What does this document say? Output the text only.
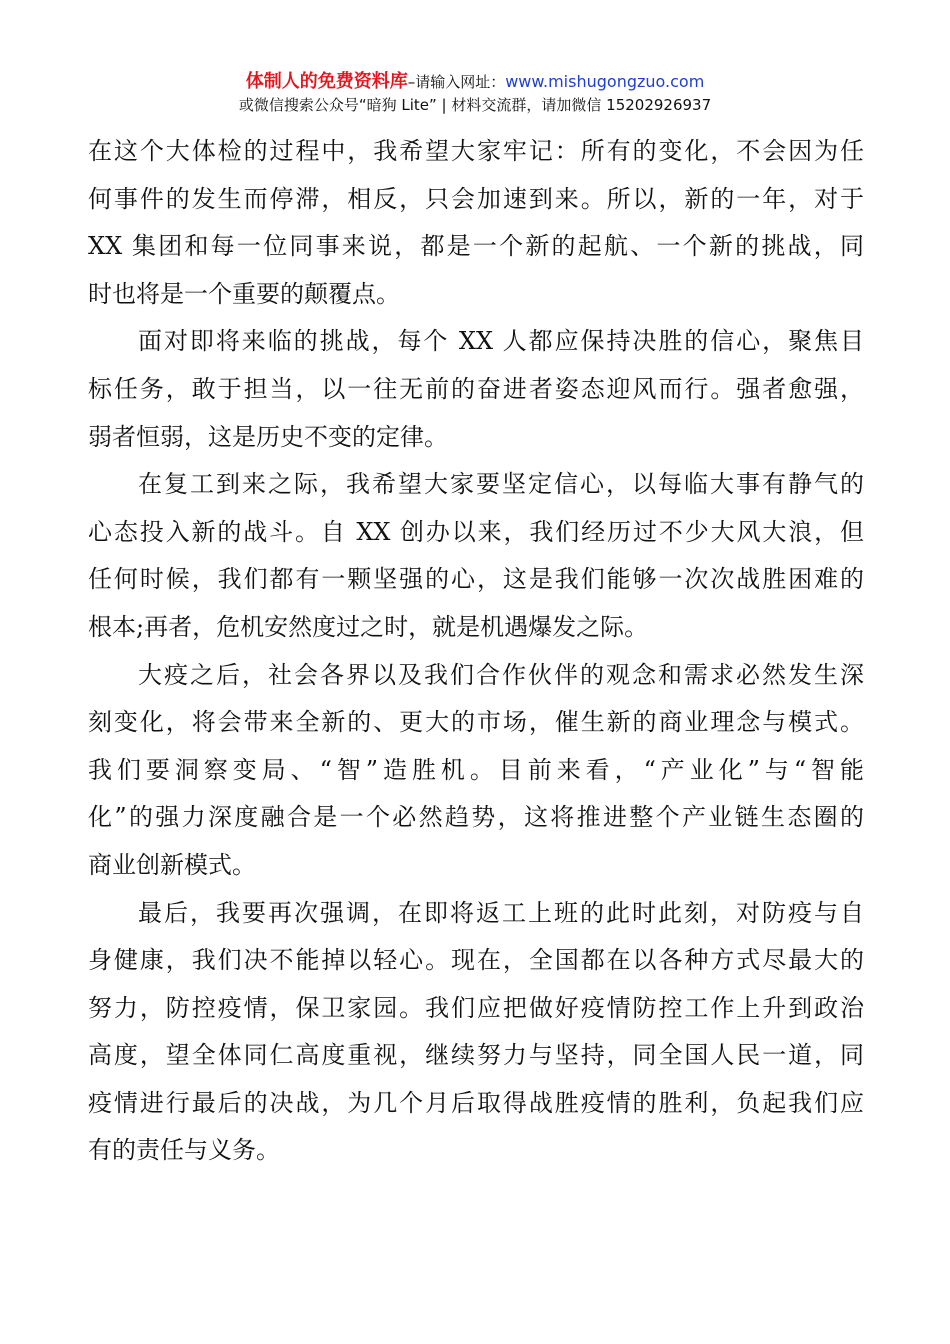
体制人的免费资料库–请输入网址：www.mishugongzuo.com
或微信搜索公众号“暗狗 Lite” | 材料交流群，请加微信 15202926937
在这个大体检的过程中，我希望大家牢记：所有的变化，不会因为任
何事件的发生而停滞，相反，只会加速到来。所以，新的一年，对于
XX 集团和每一位同事来说，都是一个新的起航、一个新的挑战，同
时也将是一个重要的颠覆点。
面对即将来临的挑战，每个 XX 人都应保持决胜的信心，聚焦目
标任务，敢于担当，以一往无前的奋进者姿态迎风而行。强者愈强，
弱者恒弱，这是历史不变的定律。
在复工到来之际，我希望大家要坚定信心，以每临大事有静气的
心态投入新的战斗。自 XX 创办以来，我们经历过不少大风大浪，但
任何时候，我们都有一颗坚强的心，这是我们能够一次次战胜困难的
根本;再者，危机安然度过之时，就是机遇爆发之际。
大疫之后，社会各界以及我们合作伙伴的观念和需求必然发生深
刻变化，将会带来全新的、更大的市场，催生新的商业理念与模式。
我们要洞察变局、“智”造胜机。目前来看，“产业化”与“智能
化”的强力深度融合是一个必然趋势，这将推进整个产业链生态圈的
商业创新模式。
最后，我要再次强调，在即将返工上班的此时此刻，对防疫与自
身健康，我们决不能掉以轻心。现在，全国都在以各种方式尽最大的
努力，防控疫情，保卫家园。我们应把做好疫情防控工作上升到政治
高度，望全体同仁高度重视，继续努力与坚持，同全国人民一道，同
疫情进行最后的决战，为几个月后取得战胜疫情的胜利，负起我们应
有的责任与义务。
